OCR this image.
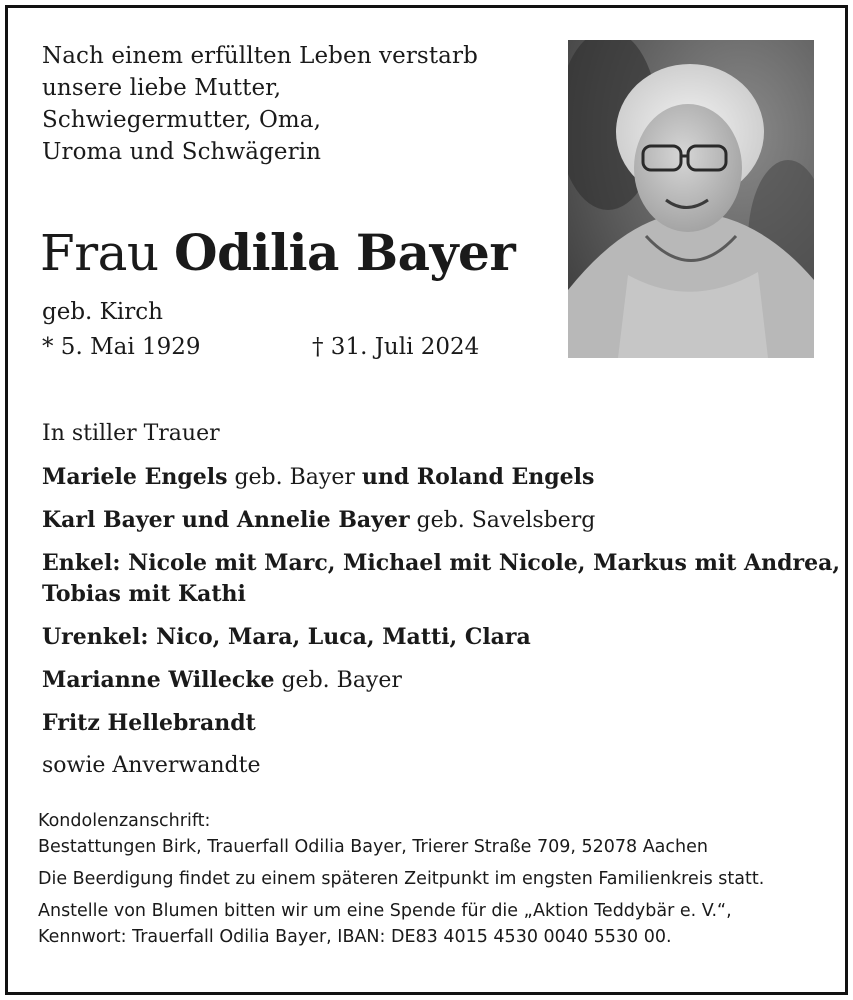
Nach einem erfüllten Leben verstarb
unsere liebe Mutter,
Schwiegermutter, Oma,
Uroma und Schwägerin
Frau Odilia Bayer
geb. Kirch
* 5. Mai 1929	† 31. Juli 2024
In stiller Trauer
Mariele Engels geb. Bayer und Roland Engels
Karl Bayer und Annelie Bayer geb. Savelsberg
Enkel: Nicole mit Marc, Michael mit Nicole, Markus mit Andrea,
Tobias mit Kathi
Urenkel: Nico, Mara, Luca, Matti, Clara
Marianne Willecke geb. Bayer
Fritz Hellebrandt
sowie Anverwandte
Kondolenzanschrift:
Bestattungen Birk, Trauerfall Odilia Bayer, Trierer Straße 709, 52078 Aachen
Die Beerdigung findet zu einem späteren Zeitpunkt im engsten Familienkreis statt.
Anstelle von Blumen bitten wir um eine Spende für die „Aktion Teddybär e. V.“,
Kennwort: Trauerfall Odilia Bayer, IBAN: DE83 4015 4530 0040 5530 00.
